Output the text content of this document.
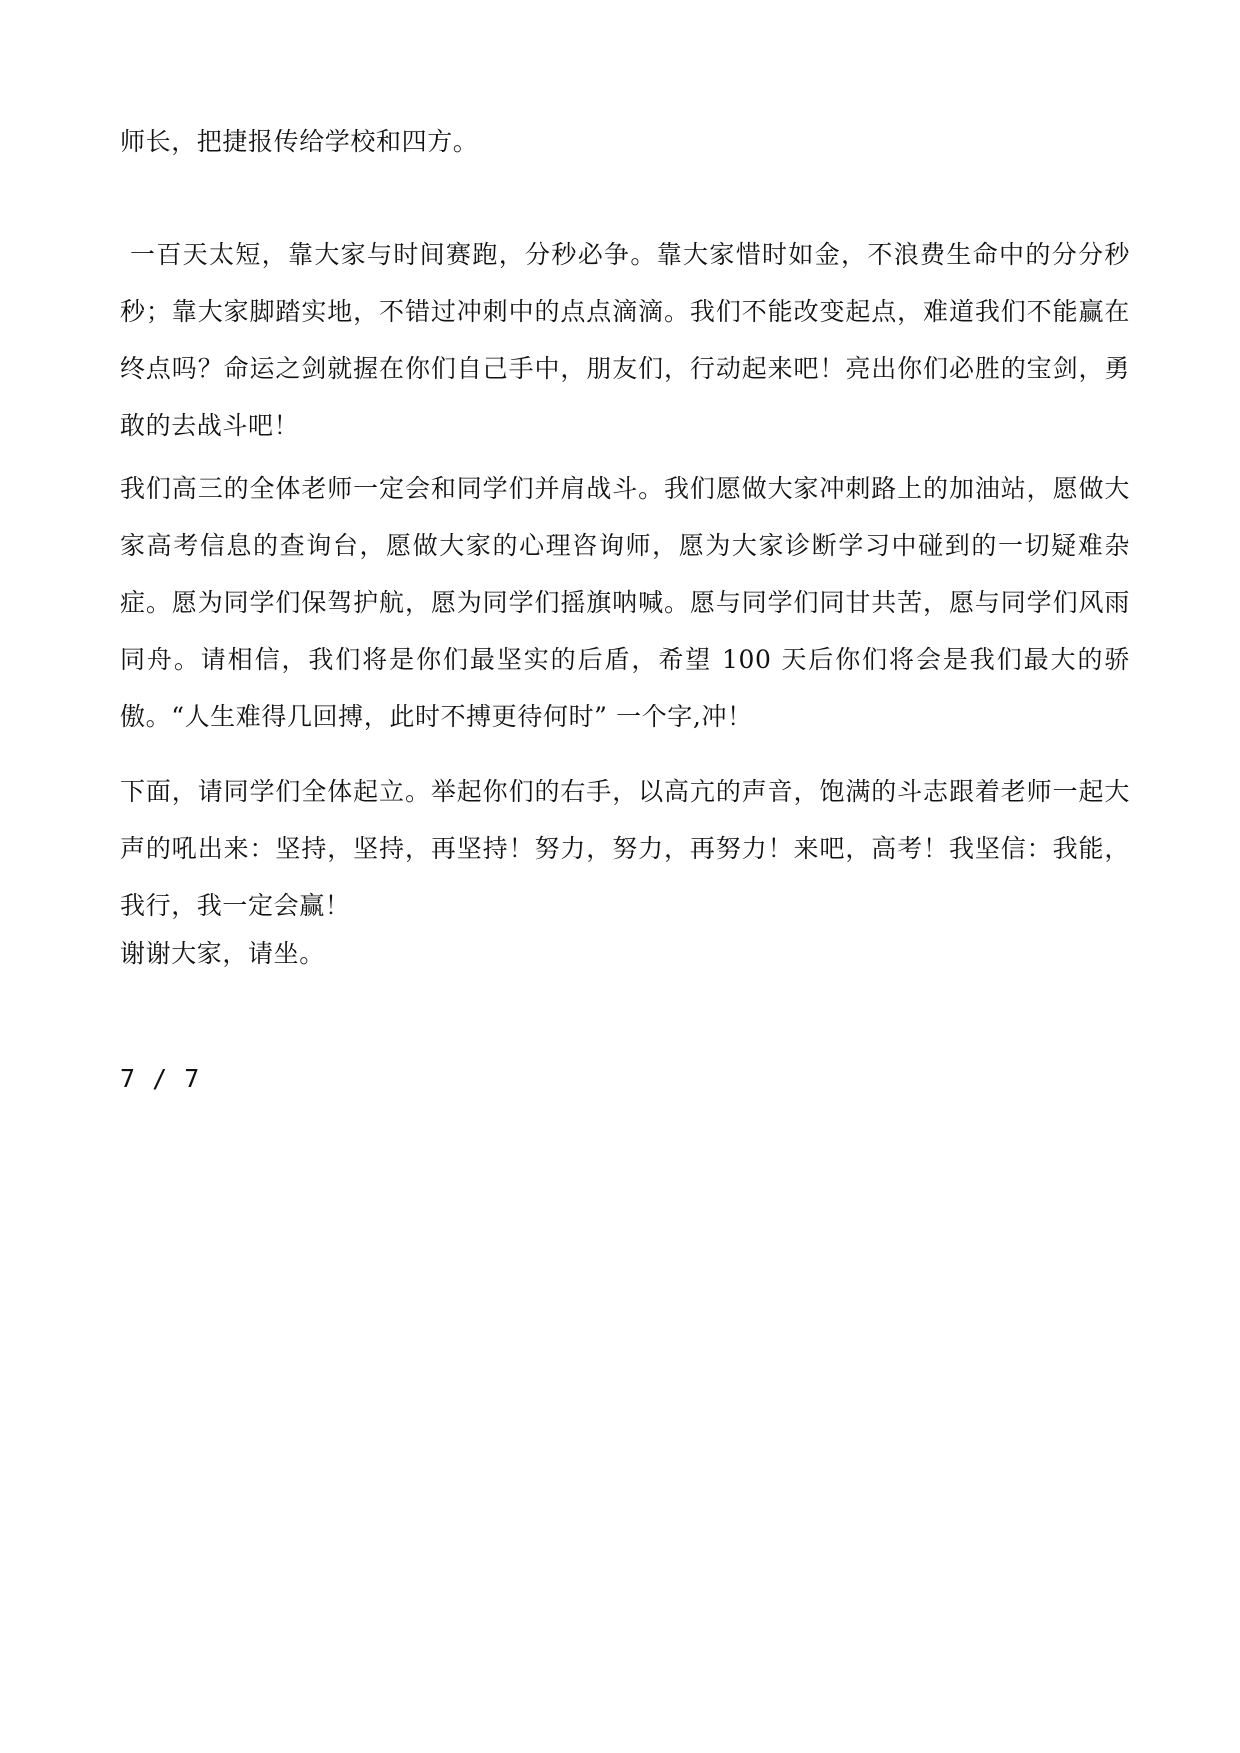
师长，把捷报传给学校和四方。

一百天太短，靠大家与时间赛跑，分秒必争。靠大家惜时如金，不浪费生命中的分分秒秒；靠大家脚踏实地，不错过冲刺中的点点滴滴。我们不能改变起点，难道我们不能赢在终点吗？命运之剑就握在你们自己手中，朋友们，行动起来吧！亮出你们必胜的宝剑，勇敢的去战斗吧！

我们高三的全体老师一定会和同学们并肩战斗。我们愿做大家冲刺路上的加油站，愿做大家高考信息的查询台，愿做大家的心理咨询师，愿为大家诊断学习中碰到的一切疑难杂症。愿为同学们保驾护航，愿为同学们摇旗呐喊。愿与同学们同甘共苦，愿与同学们风雨同舟。请相信，我们将是你们最坚实的后盾，希望 100 天后你们将会是我们最大的骄傲。“人生难得几回搏，此时不搏更待何时” 一个字,冲！

下面，请同学们全体起立。举起你们的右手，以高亢的声音，饱满的斗志跟着老师一起大声的吼出来：坚持，坚持，再坚持！努力，努力，再努力！来吧，高考！我坚信：我能，我行，我一定会赢！

谢谢大家，请坐。

7 / 7
